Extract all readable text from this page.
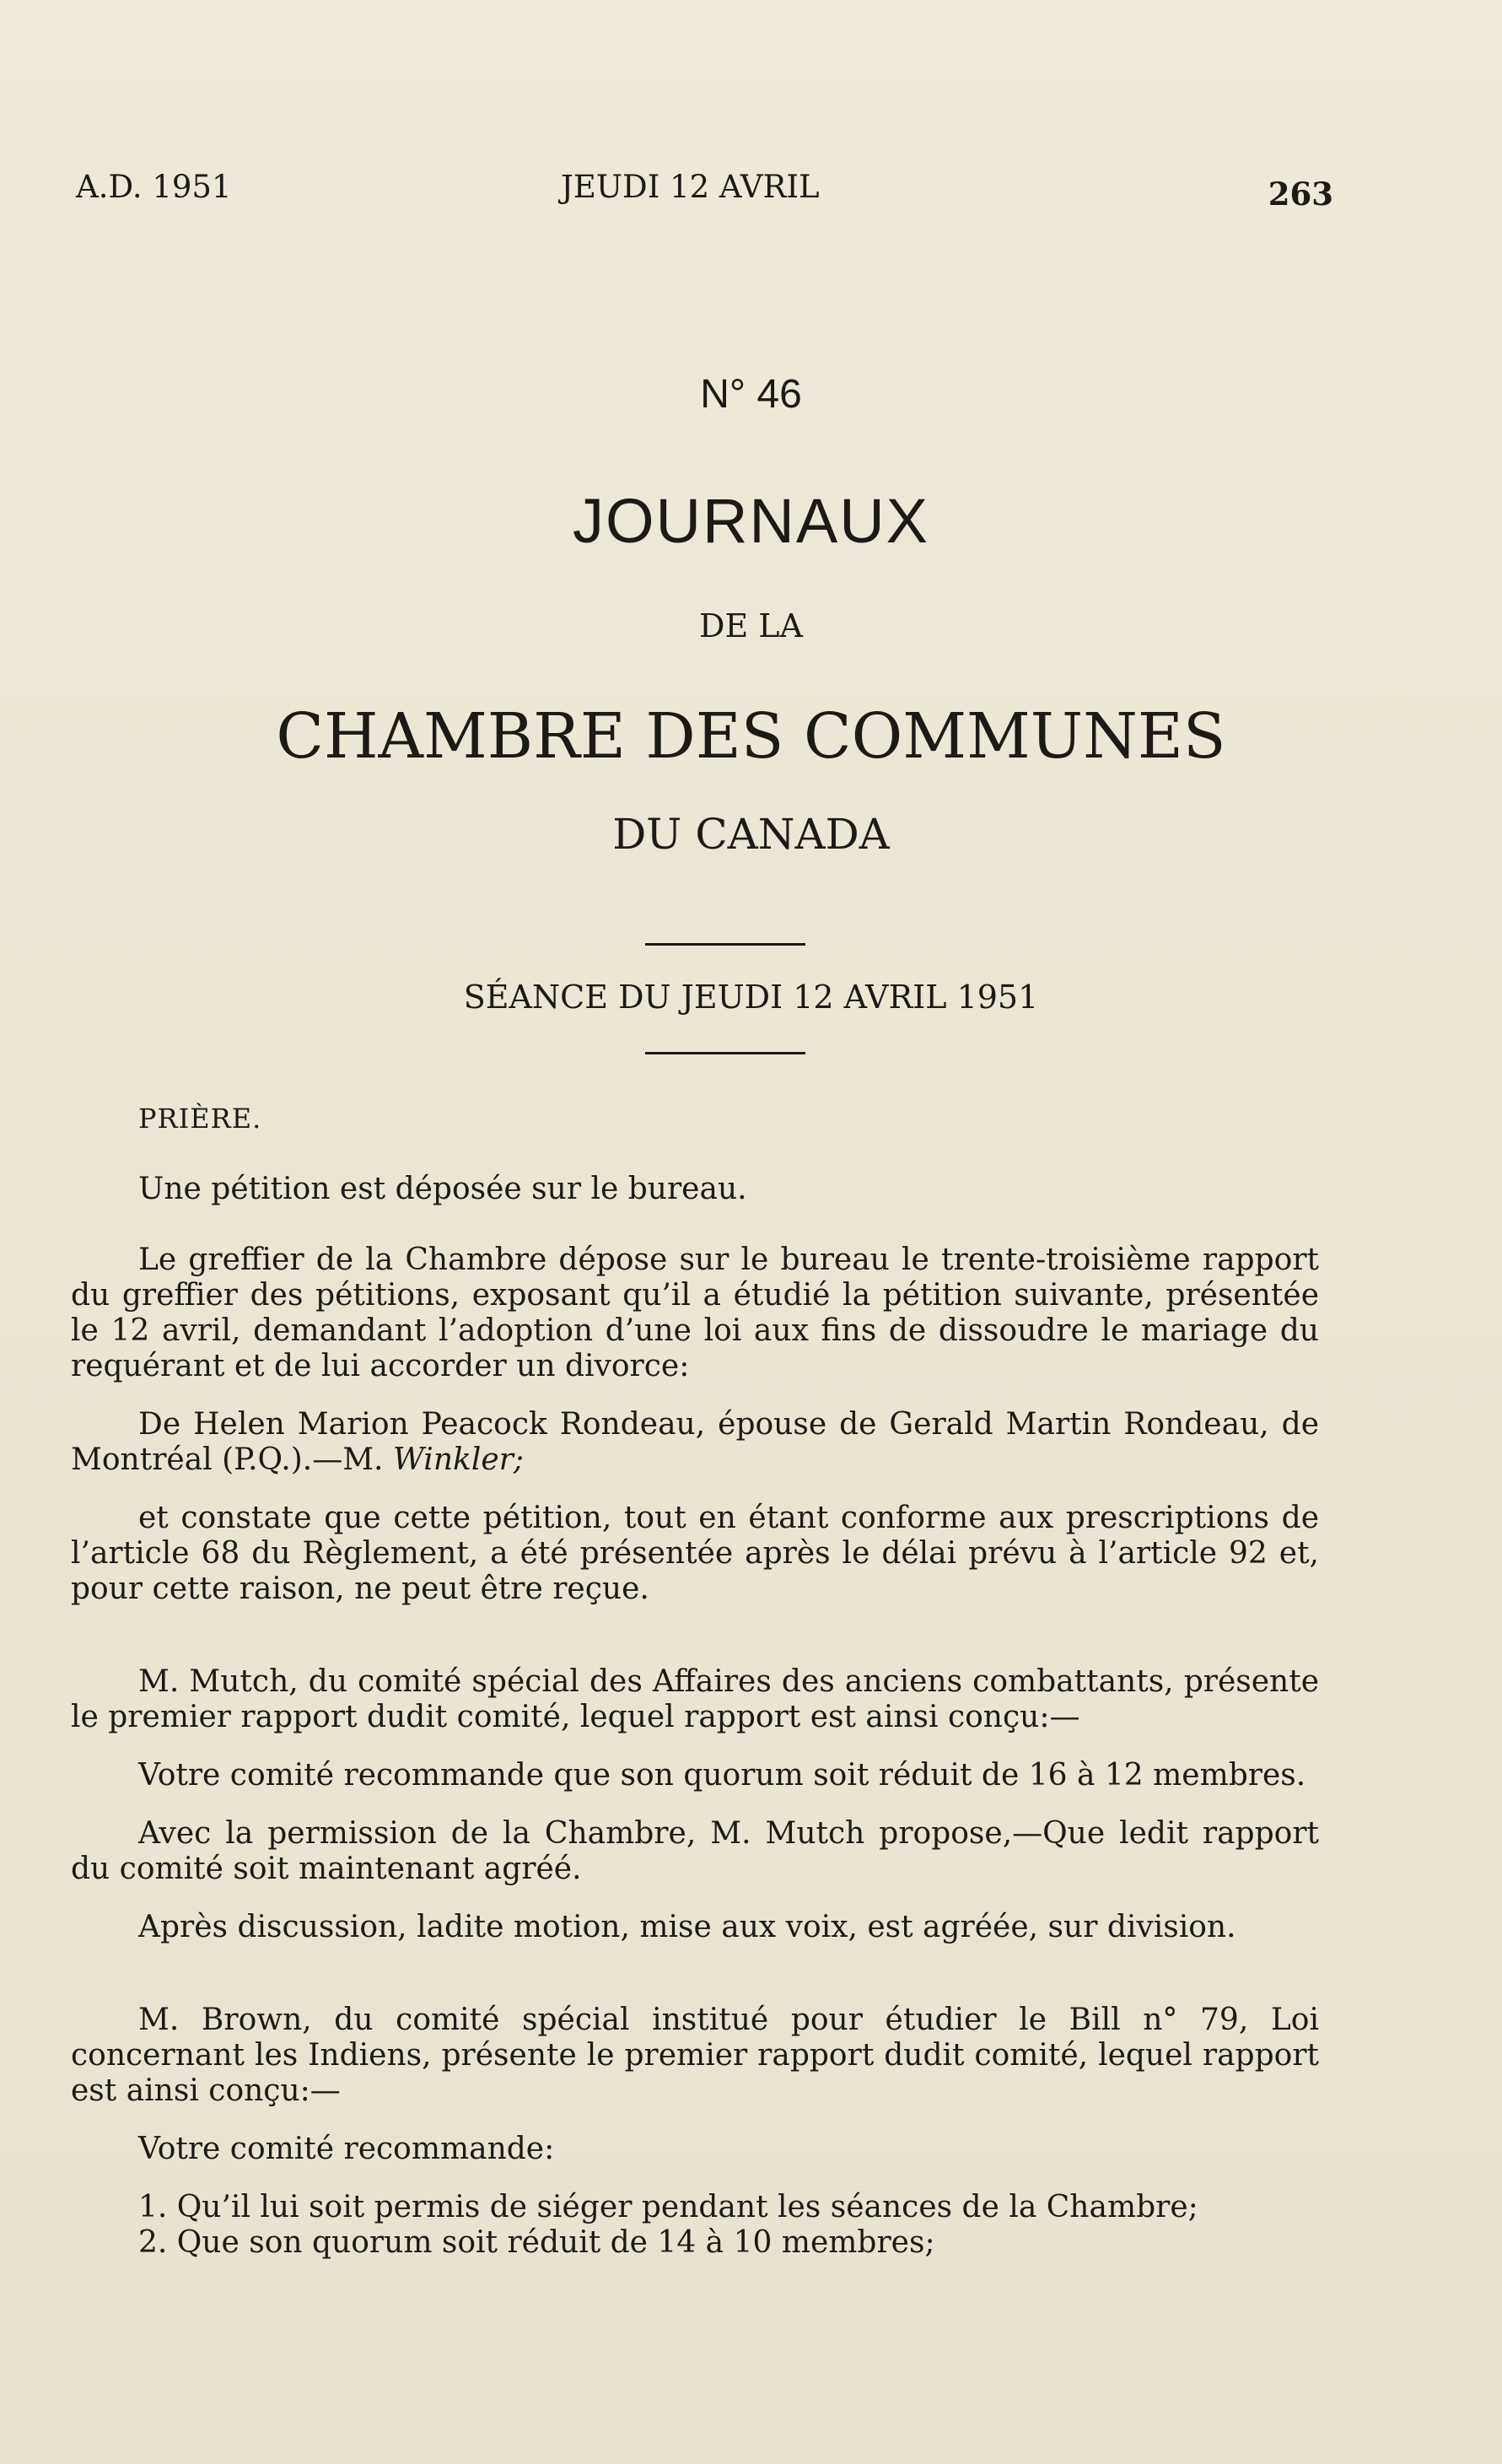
A.D. 1951	JEUDI 12 AVRIL	263
N° 46
JOURNAUX
DE LA
CHAMBRE DES COMMUNES
DU CANADA
SÉANCE DU JEUDI 12 AVRIL 1951

PRIÈRE.

Une pétition est déposée sur le bureau.

Le greffier de la Chambre dépose sur le bureau le trente-troisième rapport du greffier des pétitions, exposant qu’il a étudié la pétition suivante, présentée le 12 avril, demandant l’adoption d’une loi aux fins de dissoudre le mariage du requérant et de lui accorder un divorce:

De Helen Marion Peacock Rondeau, épouse de Gerald Martin Rondeau, de Montréal (P.Q.).—M. Winkler;

et constate que cette pétition, tout en étant conforme aux prescriptions de l’article 68 du Règlement, a été présentée après le délai prévu à l’article 92 et, pour cette raison, ne peut être reçue.

M. Mutch, du comité spécial des Affaires des anciens combattants, présente le premier rapport dudit comité, lequel rapport est ainsi conçu:—

Votre comité recommande que son quorum soit réduit de 16 à 12 membres.

Avec la permission de la Chambre, M. Mutch propose,—Que ledit rapport du comité soit maintenant agréé.

Après discussion, ladite motion, mise aux voix, est agréée, sur division.

M. Brown, du comité spécial institué pour étudier le Bill n° 79, Loi concernant les Indiens, présente le premier rapport dudit comité, lequel rapport est ainsi conçu:—

Votre comité recommande:

1. Qu’il lui soit permis de siéger pendant les séances de la Chambre;

2. Que son quorum soit réduit de 14 à 10 membres;
